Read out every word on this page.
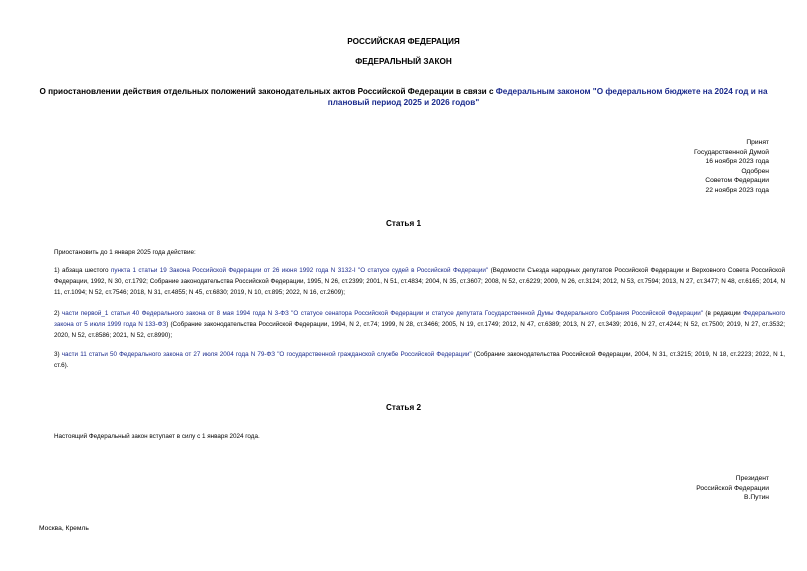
РОССИЙСКАЯ ФЕДЕРАЦИЯ
ФЕДЕРАЛЬНЫЙ ЗАКОН
О приостановлении действия отдельных положений законодательных актов Российской Федерации в связи с Федеральным законом "О федеральном бюджете на 2024 год и на плановый период 2025 и 2026 годов"
Принят
Государственной Думой
16 ноября 2023 года
Одобрен
Советом Федерации
22 ноября 2023 года
Статья 1
Приостановить до 1 января 2025 года действие:
1) абзаца шестого пункта 1 статьи 19 Закона Российской Федерации от 26 июня 1992 года N 3132-I "О статусе судей в Российской Федерации" (Ведомости Съезда народных депутатов Российской Федерации и Верховного Совета Российской Федерации, 1992, N 30, ст.1792; Собрание законодательства Российской Федерации, 1995, N 26, ст.2399; 2001, N 51, ст.4834; 2004, N 35, ст.3607; 2008, N 52, ст.6229; 2009, N 26, ст.3124; 2012, N 53, ст.7594; 2013, N 27, ст.3477; N 48, ст.6165; 2014, N 11, ст.1094; N 52, ст.7546; 2018, N 31, ст.4855; N 45, ст.6830; 2019, N 10, ст.895; 2022, N 16, ст.2609);
2) части первой_1 статьи 40 Федерального закона от 8 мая 1994 года N 3-ФЗ "О статусе сенатора Российской Федерации и статусе депутата Государственной Думы Федерального Собрания Российской Федерации" (в редакции Федерального закона от 5 июля 1999 года N 133-ФЗ) (Собрание законодательства Российской Федерации, 1994, N 2, ст.74; 1999, N 28, ст.3466; 2005, N 19, ст.1749; 2012, N 47, ст.6389; 2013, N 27, ст.3439; 2016, N 27, ст.4244; N 52, ст.7500; 2019, N 27, ст.3532; 2020, N 52, ст.8586; 2021, N 52, ст.8990);
3) части 11 статьи 50 Федерального закона от 27 июля 2004 года N 79-ФЗ "О государственной гражданской службе Российской Федерации" (Собрание законодательства Российской Федерации, 2004, N 31, ст.3215; 2019, N 18, ст.2223; 2022, N 1, ст.6).
Статья 2
Настоящий Федеральный закон вступает в силу с 1 января 2024 года.
Президент
Российской Федерации
В.Путин
Москва, Кремль
